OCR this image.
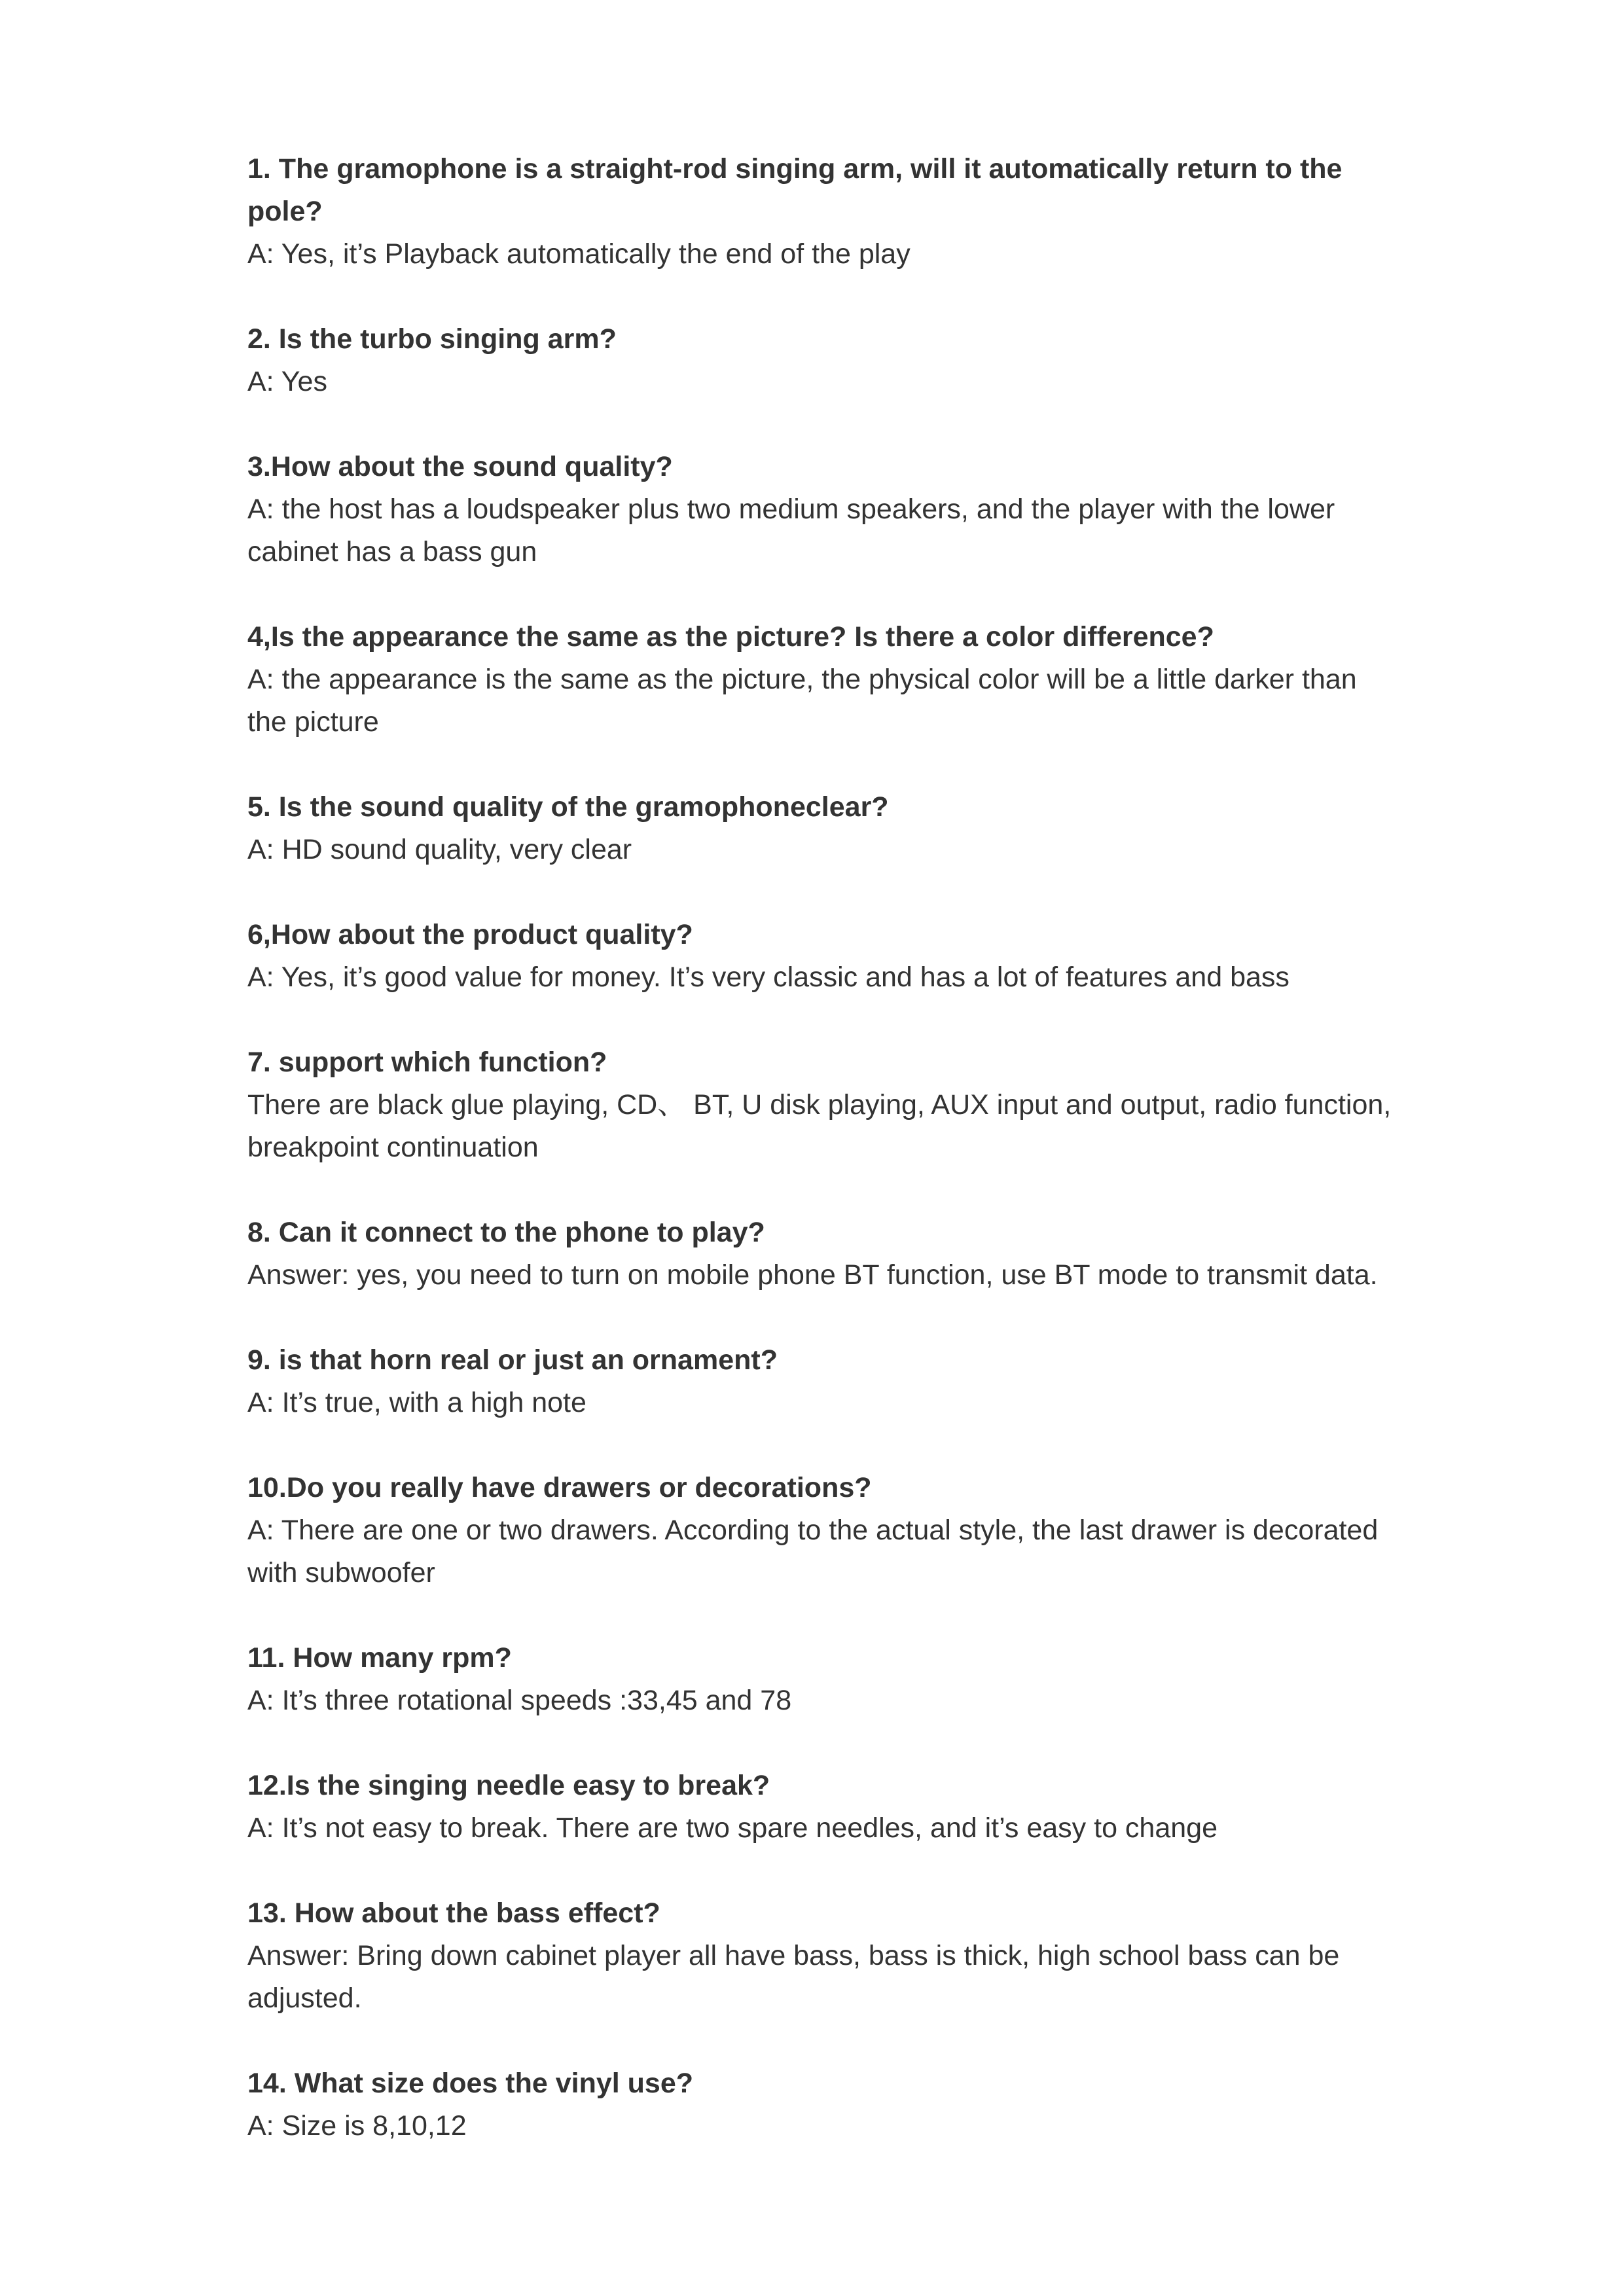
1. The gramophone is a straight-rod singing arm, will it automatically return to the pole?

A: Yes, it’s Playback automatically the end of the play

2. Is the turbo singing arm?

A: Yes

3.How about the sound quality?

A: the host has a loudspeaker plus two medium speakers, and the player with the lower cabinet has a bass gun

4,Is the appearance the same as the picture? Is there a color difference?

A: the appearance is the same as the picture, the physical color will be a little darker than the picture

5. Is the sound quality of the gramophoneclear?

A: HD sound quality, very clear

6,How about the product quality?

A: Yes, it’s good value for money. It’s very classic and has a lot of features and bass

7. support which function?

There are black glue playing, CD、 BT, U disk playing, AUX input and output, radio function, breakpoint continuation

8. Can it connect to the phone to play?

Answer: yes, you need to turn on mobile phone BT function, use BT mode to transmit data.

9. is that horn real or just an ornament?

A: It’s true, with a high note

10.Do you really have drawers or decorations?

A: There are one or two drawers. According to the actual style, the last drawer is decorated with subwoofer

11. How many rpm?

A: It’s three rotational speeds :33,45 and 78

12.Is the singing needle easy to break?

A: It’s not easy to break. There are two spare needles, and it’s easy to change

13. How about the bass effect?

Answer: Bring down cabinet player all have bass, bass is thick, high school bass can be adjusted.

14. What size does the vinyl use?

A: Size is 8,10,12
